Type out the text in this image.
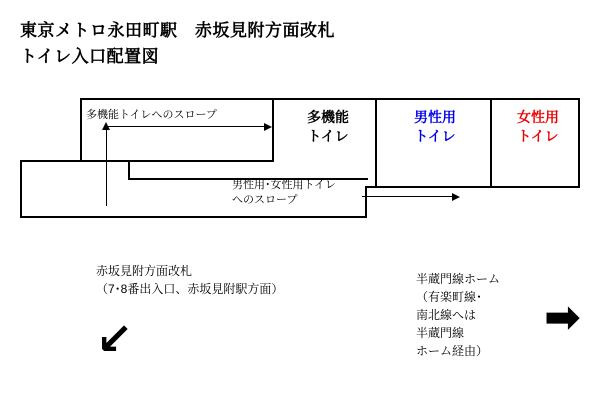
東京メトロ永田町駅　赤坂見附方面改札
トイレ入口配置図
多機能
トイレ
男性用
トイレ
女性用
トイレ
多機能トイレへのスロープ
男性用･女性用トイレ
へのスロープ
赤坂見附方面改札
（7･8番出入口、赤坂見附駅方面）
↙
半蔵門線ホーム
（有楽町線･
南北線へは
半蔵門線
ホーム経由）
➡
